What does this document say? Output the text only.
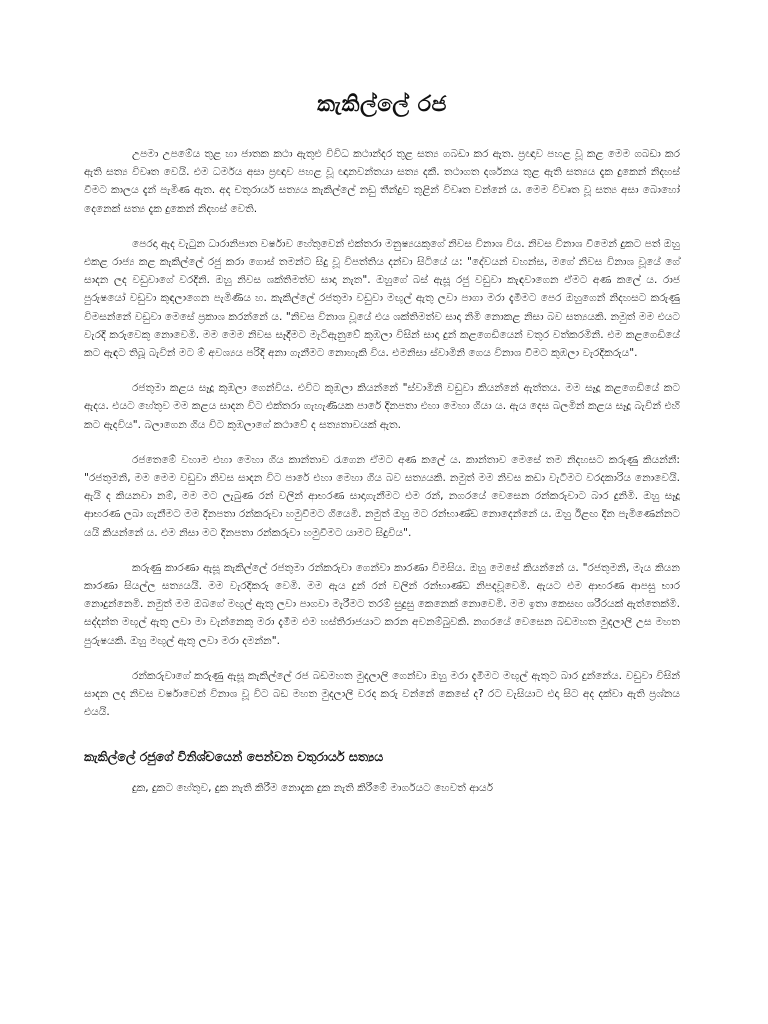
කැකිල්ලේ රජ

උපමා උපමේය තුළ හා ජාතක කථා ඇතුළු විවිධ කථාන්දර තුළ සත්‍ය ගබඩා කර ඇත. ප්‍රඥාව පහළ වූ කළ මෙම ගබඩා කර ඇති සත්‍ය විවෘත වෙයි. එම ධර්මය අසා ප්‍රඥාව පහළ වූ ඥානවන්තයා සත්‍ය දකී. තථාගත දර්ශනය තුළ ඇති සත්‍යය දැක දුකෙන් නිදහස් වීමට කාලය දැන් පැමිණ ඇත. අද චතුරාර්ය සත්‍යය කැකිල්ලේ නඩු තීන්දුව තුළින් විවෘත වන්නේ ය. මෙම විවෘත වූ සත්‍ය අසා බොහෝ දෙනෙක් සත්‍ය දැක දුකෙන් නිදහස් වෙති.

පෙරදා ඇද වැටුන ධාරානිපාත වර්ෂාව හේතුවෙන් එක්තරා මනුෂ්‍යයකුගේ නිවස විනාශ විය. නිවස විනාශ වීමෙන් දුකට පත් ඔහු එකළ රාජ්‍ය කළ කැකිල්ලේ රජු කරා ගොස් තමන්ට සිදු වූ විපත්තිය දන්වා සිටියේ ය: "දේවයන් වහන්ස, මගේ නිවස විනාශ වූයේ ගේ සාදන ලද වඩුවාගේ වරදිනි. ඔහු නිවස ශක්තිමත්ව සාදා නැත". ඔහුගේ බස් ඇසූ රජු වඩුවා කැඳවාගෙන ඒමට අණ කලේ ය. රාජ පුරුෂයෝ වඩුවා කුඳලාගෙන පැමිණිය හ. කැකිල්ලේ රජතුමා වඩුවා මඟුල් ඇතු ලවා පාගා මරා දැමීමට පෙර ඔහුගෙන් නිදහසට කරුණු විමසන්නේ වඩුවා මෙසේ ප්‍රකාශ කරන්නේ ය. "නිවස විනාශ වූයේ එය ශක්තිමත්ව සාදා නිමි නොකළ නිසා බව සත්‍යයකි. නමුත් මම එයට වැරදි කරුවෙකු නොවෙමි. මම මෙම නිවස සෑදීමට මැටිඇනුවේ කුඹලා විසින් සාදා දුන් කළගෙඩියෙන් වතුර වත්කරමිනි. එම කළගෙඩියේ කට ඇඳට තිබූ බැවින් මට ම් අවශ්‍යය පරිදි අනා ගැනීමට නොහැකි විය. එමනිසා ස්වාමිනි ගෙය විනාශ වීමට කුඹලා වැරදිකරුය".

රජතුමා කළය සෑදූ කුඹලා ගෙන්විය. එවිට කුඹලා කියන්නේ "ස්වාමිනි වඩුවා කියන්නේ ඇත්තය. මම සෑදූ කළගෙඩියේ කට ඇදය. එයට හේතුව මම කළය සාදන විට එක්තරා ගැහැණියක පාරේ දිනපතා එහා මෙහා ගියා ය. ඇය දෙස බලමින් කළය සෑදූ බැවින් එහි කට ඇදවිය". බලාගෙන ගිය විට කුඹලාගේ කථාවේ ද සත්‍යතාවයක් ඇත.

රජතෙමේ වහාම එහා මෙහා ගිය කාන්තාව රැගෙන ඒමට අණ කලේ ය. කාන්තාව මෙසේ තම නිදහසට කරුණු කියන්නී: "රජතුමනි, මම මෙම වඩුවා නිවස සාදන විට පාරේ එහා මෙහා ගිය බව සත්‍යයකි. නමුත් මම නිවස කඩා වැටීමට වරදකාරිය නොවෙයි. ඇයි ද කියනවා නම්, මම මට ලැබුණ රන් වලින් ආභරණ සාදාගැනීමට එම රන්, නගරයේ වෙසෙන රන්කරුවාට බාර දුනිමි. ඔහු සෑදූ ආභරණ ලබා ගැනීමට මම දිනපතා රන්කරුවා හමුවීමට ගියෙමි. නමුත් ඔහු මට රන්භාණ්ඩ නොදෙන්නේ ය. ඔහු ඊළඟ දින පැමිණෙන්නට යයි කියන්නේ ය. එම නිසා මට දිනපතා රන්කරුවා හමුවීමට යාමට සිදුවිය".

කරුණු කාරණා ඇසූ කැකිල්ලේ රජතුමා රන්කරුවා ගෙන්වා කාරණා විමසිය. ඔහු මෙසේ කියන්නේ ය. "රජතුමනි, මැය කියන කාරණා සියල්ල සත්‍යයයි. මම වැරදිකරු වෙමි. මම ඇය දුන් රන් වලින් රන්භාණ්ඩ නිපදවූවෙමි. ඇයට එම ආභරණ ආපසු භාර නොදුන්නෙමි. නමුත් මම ඔබගේ මඟුල් ඇතු ලවා පාගවා මැරීමට තරම් සුදුසු කෙනෙක් නොවෙමි. මම ඉතා කෙසඟ ශරීරයක් ඇත්තෙක්මි. සද්දන්ත මඟුල් ඇතු ලවා මා වැන්නෙකු මරා දැමීම එම හස්තිරාජයාට කරන අවනම්බුවකි. නගරයේ වෙසෙන බඩමහත මුදලාලි උස මහත පුරුෂයකි. ඔහු මඟුල් ඇතු ලවා මරා දමන්න".

රන්කරුවාගේ කරුණු ඇසූ කැකිල්ලේ රජ බඩමහත මුදලාලි ගෙන්වා ඔහු මරා දැමීමට මඟුල් ඇතුට බාර දුන්නේය. වඩුවා විසින් සාදන ලද නිවස වර්ෂාවෙන් විනාශ වූ විට බඩ මහත මුදලාලි වරද කරු වන්නේ කෙසේ ද? රට වැසියාට එදා සිට අද දක්වා ඇති ප්‍රශ්නය එයයි.

කැකිල්ලේ රජුගේ විනිශ්චයෙන් පෙන්වන චතුරාර්ය සත්‍යය

දුක, දුකට හේතුව, දුක නැති කිරීම නොදැක දුක නැති කිරීමේ මාර්ගයට හෙවත් ආර්ය
